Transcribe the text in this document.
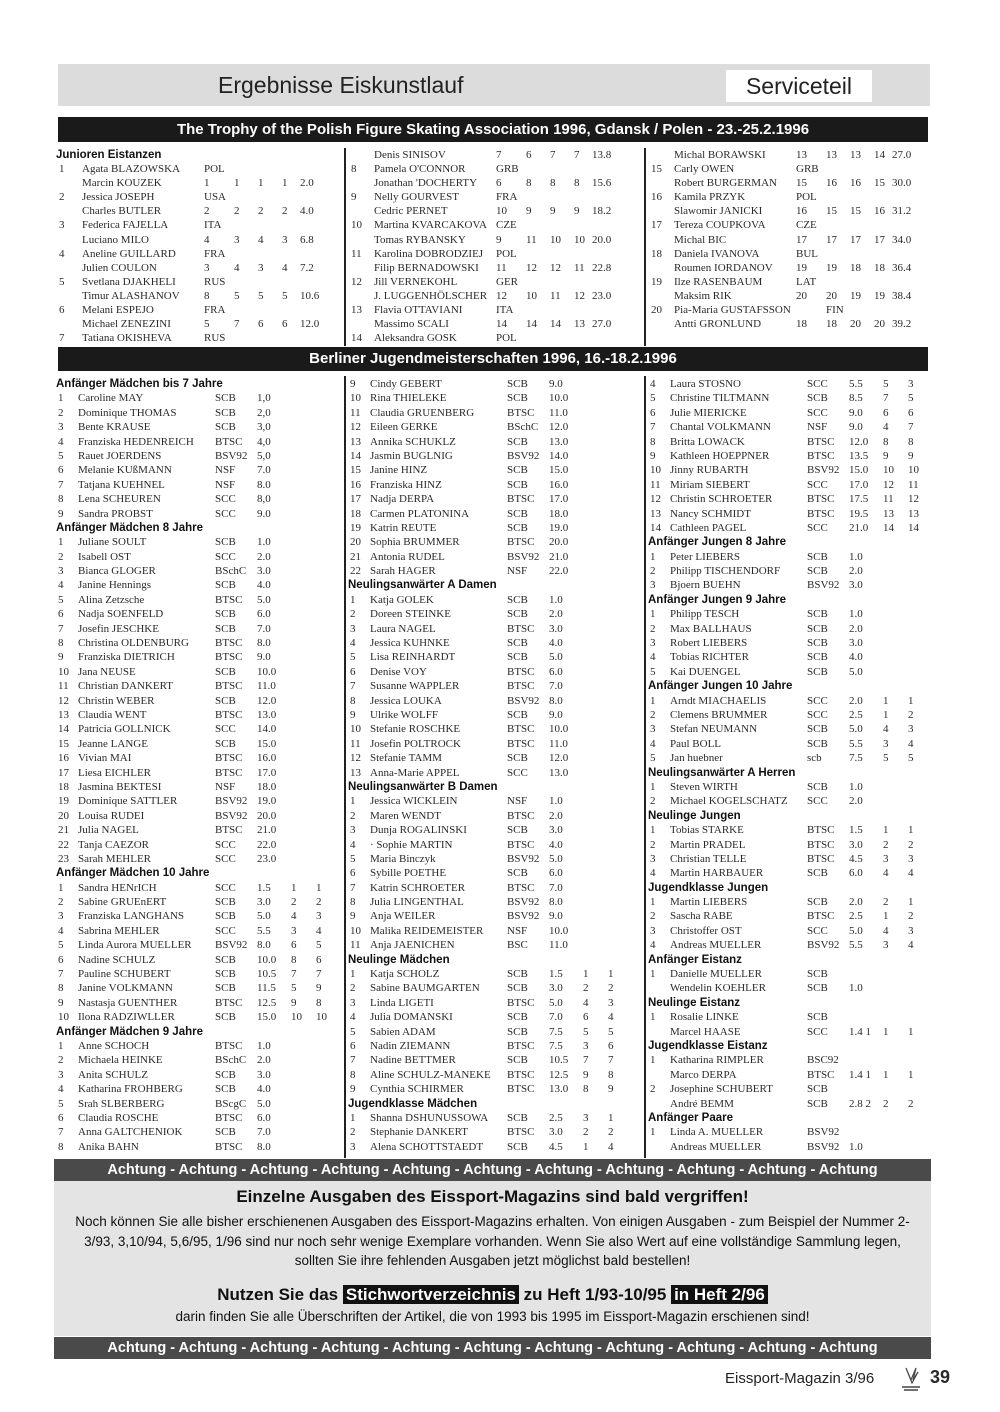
Ergebnisse Eiskunstlauf	Serviceteil
The Trophy of the Polish Figure Skating Association 1996, Gdansk / Polen - 23.-25.2.1996
Junioren Eistanzen
1 Agata BLAZOWSKA POL
Marcin KOUZEK	1 1 1 1 2.0
2 Jessica JOSEPH	USA
Charles BUTLER	2 2 2 2 4.0
3 Federica FAJELLA	ITA
Luciano MILO	4 3 4 3 6.8
4 Aneline GUILLARD	FRA
Julien COULON	3 4 3 4 7.2
5 Svetlana DJAKHELI	RUS
Timur ALASHANOV 8 5 5 5 10.6
6 Melani ESPEJO	FRA
Michael ZENEZINI	5 7 6 6 12.0
7 Tatiana OKISHEVA	RUS
Denis SINISOV	7 6 7 7 13.8
8 Pamela O'CONNOR	GRB
Jonathan 'DOCHERTY 6 8 8 8 15.6
9 Nelly GOURVEST	FRA
Cedric PERNET	10 9 9 9 18.2
10 Martina KVARCAKOVA CZE
Tomas RYBANSKY	9 11 10 10 20.0
11 Karolina DOBRODZIEJ POL
Filip BERNADOWSKI 11 12 12 11 22.8
12 Jill VERNEKOHL	GER
J. LUGGENHÖLSCHER 12 10 11 12 23.0
13 Flavia OTTAVIANI	ITA
Massimo SCALI	14 14 14 13 27.0
14 Aleksandra GOSK	POL
Michal BORAWSKI	13 13 13 14 27.0
15 Carly OWEN	GRB
Robert BURGERMAN 15 16 16 15 30.0
16 Kamila PRZYK	POL
Slawomir JANICKI	16 15 15 16 31.2
17 Tereza COUPKOVA	CZE
Michal BIC	17 17 17 17 34.0
18 Daniela IVANOVA	BUL
Roumen IORDANOV 19 19 18 18 36.4
19 Ilze RASENBAUM	LAT
Maksim RIK	20 20 19 19 38.4
20 Pia-Maria GUSTAFSSON	FIN
Antti GRONLUND	18 18 20 20 39.2
Berliner Jugendmeisterschaften 1996, 16.-18.2.1996
Anfänger Mädchen bis 7 Jahre
1 Caroline MAY	SCB 1,0
2 Dominique THOMAS	SCB 2,0
3 Bente KRAUSE	SCB 3,0
4 Franziska HEDENREICH BTSC 4,0
5 Rauet JOERDENS	BSV92 5,0
6 Melanie KUßMANN	NSF 7.0
7 Tatjana KUEHNEL	NSF 8.0
8 Lena SCHEUREN	SCC 8,0
9 Sandra PROBST	SCC 9.0
Anfänger Mädchen 8 Jahre
1 Juliane SOULT	SCB 1.0
2 Isabell OST	SCC 2.0
3 Bianca GLOGER	BSchC 3.0
4 Janine Hennings	SCB 4.0
5 Alina Zetzsche	BTSC 5.0
6 Nadja SOENFELD	SCB 6.0
7 Josefin JESCHKE	SCB 7.0
8 Christina OLDENBURG BTSC 8.0
9 Franziska DIETRICH	BTSC 9.0
10 Jana NEUSE	SCB 10.0
11 Christian DANKERT	BTSC 11.0
12 Christin WEBER	SCB 12.0
13 Claudia WENT	BTSC 13.0
14 Patricia GOLLNICK	SCC 14.0
15 Jeanne LANGE	SCB 15.0
16 Vivian MAI	BTSC 16.0
17 Liesa EICHLER	BTSC 17.0
18 Jasmina BEKTESI	NSF 18.0
19 Dominique SATTLER	BSV92 19.0
20 Louisa RUDEI	BSV92 20.0
21 Julia NAGEL	BTSC 21.0
22 Tanja CAEZOR	SCC 22.0
23 Sarah MEHLER	SCC 23.0
Anfänger Mädchen 10 Jahre
1 Sandra HENrICH	SCC 1.5 1 1
2 Sabine GRUEnERT	SCB 3.0 2 2
3 Franziska LANGHANS	SCB 5.0 4 3
4 Sabrina MEHLER	SCC 5.5 3 4
5 Linda Aurora MUELLER BSV92 8.0 6 5
6 Nadine SCHULZ	SCB 10.0 8 6
7 Pauline SCHUBERT	SCB 10.5 7 7
8 Janine VOLKMANN	SCB 11.5 5 9
9 Nastasja GUENTHER	BTSC 12.5 9 8
10 Ilona RADZIWLLER	SCB 15.0 10 10
Anfänger Mädchen 9 Jahre
1 Anne SCHOCH	BTSC 1.0
2 Michaela HEINKE	BSchC 2.0
3 Anita SCHULZ	SCB 3.0
4 Katharina FROHBERG	SCB 4.0
5 Srah SLBERBERG	BScgC 5.0
6 Claudia ROSCHE	BTSC 6.0
7 Anna GALTCHENIOK	SCB 7.0
8 Anika BAHN	BTSC 8.0
9 Cindy GEBERT	SCB 9.0
10 Rina THIELEKE	SCB 10.0
11 Claudia GRUENBERG	BTSC 11.0
12 Eileen GERKE	BSchC 12.0
13 Annika SCHUKLZ	SCB 13.0
14 Jasmin BUGLNIG	BSV92 14.0
15 Janine HINZ	SCB 15.0
16 Franziska HINZ	SCB 16.0
17 Nadja DERPA	BTSC 17.0
18 Carmen PLATONINA	SCB 18.0
19 Katrin REUTE	SCB 19.0
20 Sophia BRUMMER	BTSC 20.0
21 Antonia RUDEL	BSV92 21.0
22 Sarah HAGER	NSF 22.0
Neulingsanwärter A Damen
1 Katja GOLEK	SCB 1.0
2 Doreen STEINKE	SCB 2.0
3 Laura NAGEL	BTSC 3.0
4 Jessica KUHNKE	SCB 4.0
5 Lisa REINHARDT	SCB 5.0
6 Denise VOY	BTSC 6.0
7 Susanne WAPPLER	BTSC 7.0
8 Jessica LOUKA	BSV92 8.0
9 Ulrike WOLFF	SCB 9.0
10 Stefanie ROSCHKE	BTSC 10.0
11 Josefin POLTROCK	BTSC 11.0
12 Stefanie TAMM	SCB 12.0
13 Anna-Marie APPEL	SCC 13.0
Neulingsanwärter B Damen
1 Jessica WICKLEIN	NSF 1.0
2 Maren WENDT	BTSC 2.0
3 Dunja ROGALINSKI	SCB 3.0
4 · Sophie MARTIN	BTSC 4.0
5 Maria Binczyk	BSV92 5.0
6 Sybille POETHE	SCB 6.0
7 Katrin SCHROETER	BTSC 7.0
8 Julia LINGENTHAL	BSV92 8.0
9 Anja WEILER	BSV92 9.0
10 Malika REIDEMEISTER NSF 10.0
11 Anja JAENICHEN	BSC 11.0
Neulinge Mädchen
1 Katja SCHOLZ	SCB 1.5 1 1
2 Sabine BAUMGARTEN SCB 3.0 2 2
3 Linda LIGETI	BTSC 5.0 4 3
4 Julia DOMANSKI	SCB 7.0 6 4
5 Sabien ADAM	SCB 7.5 5 5
6 Nadin ZIEMANN	BTSC 7.5 3 6
7 Nadine BETTMER	SCB 10.5 7 7
8 Aline SCHULZ-MANEKE BTSC 12.5 9 8
9 Cynthia SCHIRMER	BTSC 13.0 8 9
Jugendklasse Mädchen
1 Shanna DSHUNUSSOWA SCB 2.5 3 1
2 Stephanie DANKERT	BTSC 3.0 2 2
3 Alena SCHOTTSTAEDT SCB 4.5 1 4
4 Laura STOSNO	SCC 5.5 5 3
5 Christine TILTMANN	SCB 8.5 7 5
6 Julie MIERICKE	SCC 9.0 6 6
7 Chantal VOLKMANN	NSF 9.0 4 7
8 Britta LOWACK	BTSC 12.0 8 8
9 Kathleen HOEPPNER	BTSC 13.5 9 9
10 Jinny RUBARTH	BSV92 15.0 10 10
11 Miriam SIEBERT	SCC 17.0 12 11
12 Christin SCHROETER	BTSC 17.5 11 12
13 Nancy SCHMIDT	BTSC 19.5 13 13
14 Cathleen PAGEL	SCC 21.0 14 14
Anfänger Jungen 8 Jahre
1 Peter LIEBERS	SCB 1.0
2 Philipp TISCHENDORF SCB 2.0
3 Bjoern BUEHN	BSV92 3.0
Anfänger Jungen 9 Jahre
1 Philipp TESCH	SCB 1.0
2 Max BALLHAUS	SCB 2.0
3 Robert LIEBERS	SCB 3.0
4 Tobias RICHTER	SCB 4.0
5 Kai DUENGEL	SCB 5.0
Anfänger Jungen 10 Jahre
1 Arndt MIACHAELIS	SCC 2.0 1 1
2 Clemens BRUMMER	SCC 2.5 1 2
3 Stefan NEUMANN	SCB 5.0 4 3
4 Paul BOLL	SCB 5.5 3 4
5 Jan huebner	scb 7.5 5 5
Neulingsanwärter A Herren
1 Steven WIRTH	SCB 1.0
2 Michael KOGELSCHATZ SCC 2.0
Neulinge Jungen
1 Tobias STARKE	BTSC 1.5 1 1
2 Martin PRADEL	BTSC 3.0 2 2
3 Christian TELLE	BTSC 4.5 3 3
4 Martin HARBAUER	SCB 6.0 4 4
Jugendklasse Jungen
1 Martin LIEBERS	SCB 2.0 2 1
2 Sascha RABE	BTSC 2.5 1 2
3 Christoffer OST	SCC 5.0 4 3
4 Andreas MUELLER	BSV92 5.5 3 4
Anfänger Eistanz
1 Danielle MUELLER	SCB
Wendelin KOEHLER	SCB 1.0
Neulinge Eistanz
1 Rosalie LINKE	SCB
Marcel HAASE	SCC 1.4 1 1 1
Jugendklasse Eistanz
1 Katharina RIMPLER	BSC92
Marco DERPA	BTSC 1.4 1 1 1
2 Josephine SCHUBERT	SCB
André BEMM	SCB 2.8 2 2 2
Anfänger Paare
1 Linda A. MUELLER	BSV92
Andreas MUELLER	BSV92 1.0
Achtung - Achtung - Achtung - Achtung - Achtung - Achtung - Achtung - Achtung - Achtung - Achtung - Achtung
Einzelne Ausgaben des Eissport-Magazins sind bald vergriffen!
Noch können Sie alle bisher erschienenen Ausgaben des Eissport-Magazins erhalten. Von einigen Ausgaben - zum Beispiel der Nummer 2-3/93, 3,10/94, 5,6/95, 1/96 sind nur noch sehr wenige Exemplare vorhanden. Wenn Sie also Wert auf eine vollständige Sammlung legen, sollten Sie ihre fehlenden Ausgaben jetzt möglichst bald bestellen!
Nutzen Sie das Stichwortverzeichnis zu Heft 1/93-10/95 in Heft 2/96
darin finden Sie alle Überschriften der Artikel, die von 1993 bis 1995 im Eissport-Magazin erschienen sind!
Achtung - Achtung - Achtung - Achtung - Achtung - Achtung - Achtung - Achtung - Achtung - Achtung - Achtung
Eissport-Magazin 3/96	39
